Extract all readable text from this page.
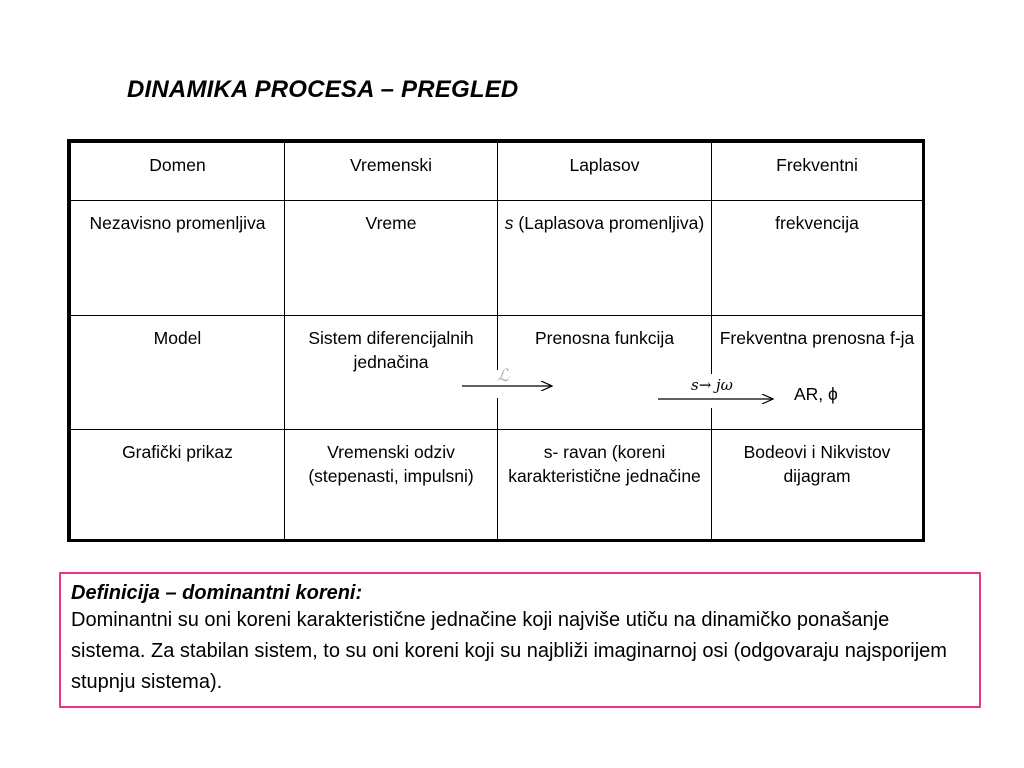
DINAMIKA PROCESA – PREGLED
Domen	Vremenski	Laplasov	Frekventni
Nezavisno promenljiva	Vreme	s (Laplasova promenljiva)	frekvencija
Model	Sistem diferencijalnih jednačina	Prenosna funkcija	Frekventna prenosna f-ja
Grafički prikaz	Vremenski odziv (stepenasti, impulsni)	s- ravan (koreni karakteristične jednačine	Bodeovi i Nikvistov dijagram
ℒ	s→ jω	AR, ϕ
Definicija – dominantni koreni:
Dominantni su oni koreni karakteristične jednačine koji najviše utiču na dinamičko ponašanje sistema. Za stabilan sistem, to su oni koreni koji su najbliži imaginarnoj osi (odgovaraju najsporijem stupnju sistema).
